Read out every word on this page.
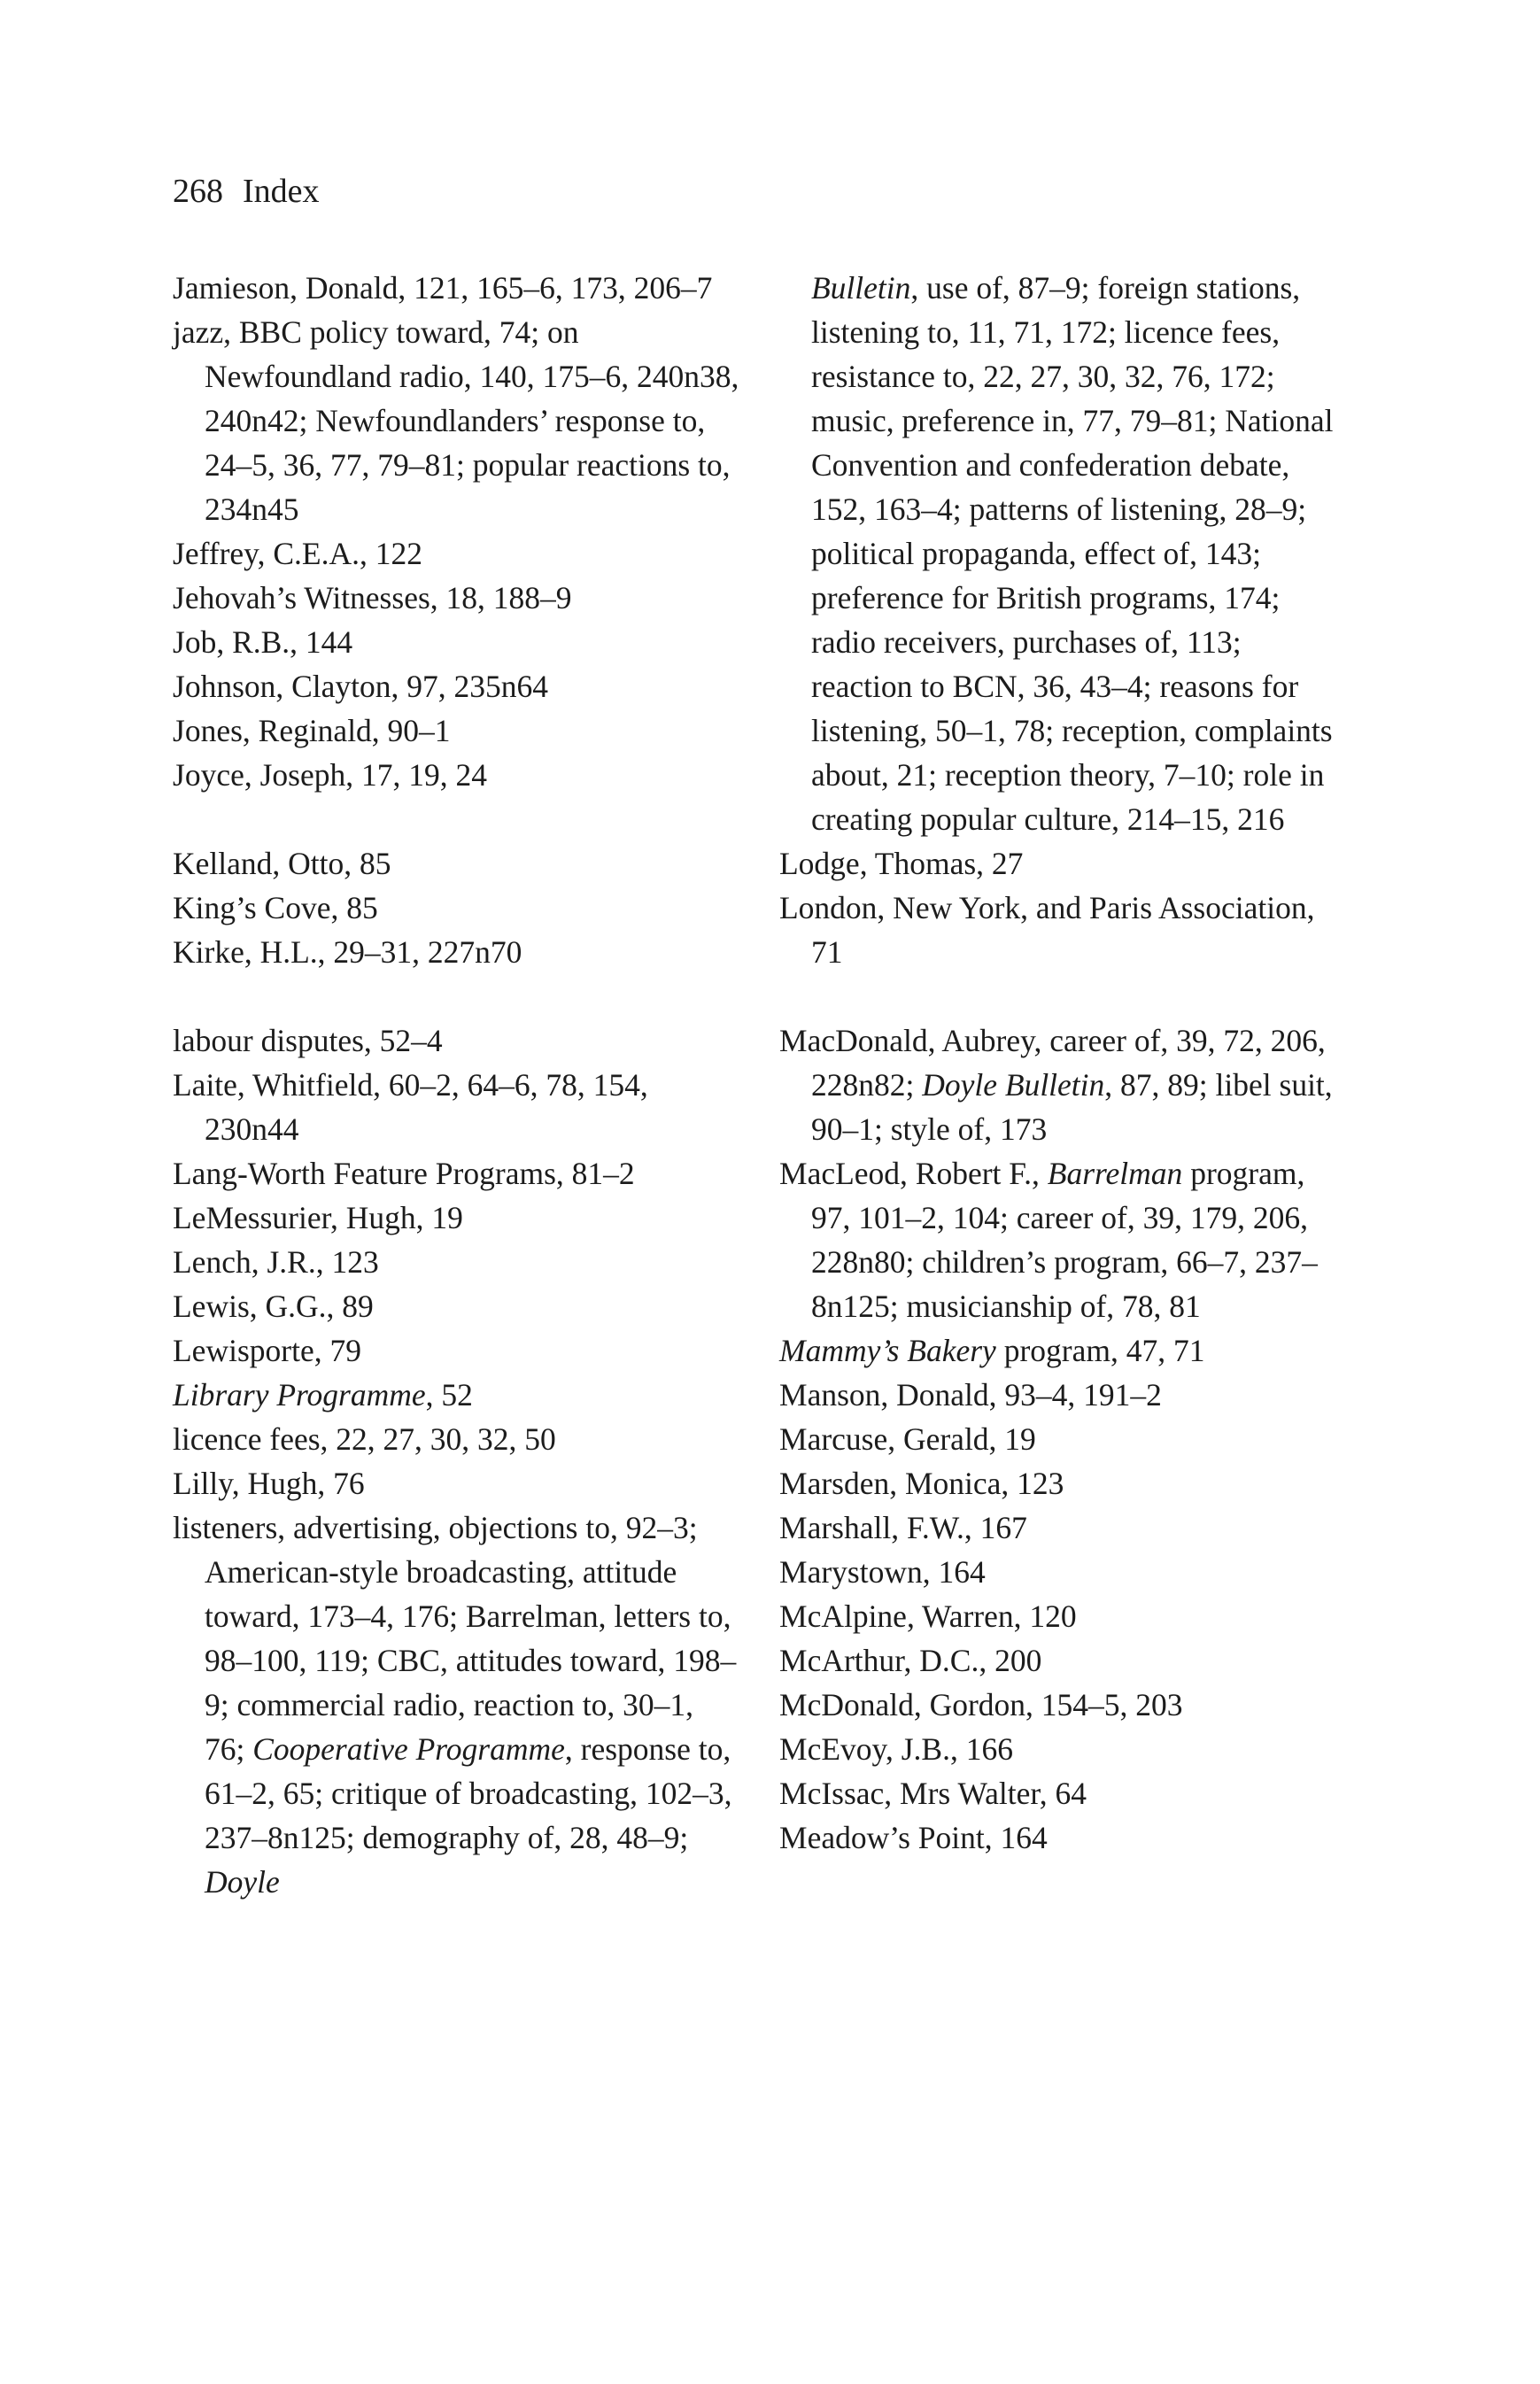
268 Index
Jamieson, Donald, 121, 165–6, 173, 206–7
jazz, BBC policy toward, 74; on Newfoundland radio, 140, 175–6, 240n38, 240n42; Newfoundlanders’ response to, 24–5, 36, 77, 79–81; popular reactions to, 234n45
Jeffrey, C.E.A., 122
Jehovah’s Witnesses, 18, 188–9
Job, R.B., 144
Johnson, Clayton, 97, 235n64
Jones, Reginald, 90–1
Joyce, Joseph, 17, 19, 24
Kelland, Otto, 85
King’s Cove, 85
Kirke, H.L., 29–31, 227n70
labour disputes, 52–4
Laite, Whitfield, 60–2, 64–6, 78, 154, 230n44
Lang-Worth Feature Programs, 81–2
LeMessurier, Hugh, 19
Lench, J.R., 123
Lewis, G.G., 89
Lewisporte, 79
Library Programme, 52
licence fees, 22, 27, 30, 32, 50
Lilly, Hugh, 76
listeners, advertising, objections to, 92–3; American-style broadcasting, attitude toward, 173–4, 176; Barrelman, letters to, 98–100, 119; CBC, attitudes toward, 198–9; commercial radio, reaction to, 30–1, 76; Cooperative Programme, response to, 61–2, 65; critique of broadcasting, 102–3, 237–8n125; demography of, 28, 48–9; Doyle
Bulletin, use of, 87–9; foreign stations, listening to, 11, 71, 172; licence fees, resistance to, 22, 27, 30, 32, 76, 172; music, preference in, 77, 79–81; National Convention and confederation debate, 152, 163–4; patterns of listening, 28–9; political propaganda, effect of, 143; preference for British programs, 174; radio receivers, purchases of, 113; reaction to BCN, 36, 43–4; reasons for listening, 50–1, 78; reception, complaints about, 21; reception theory, 7–10; role in creating popular culture, 214–15, 216
Lodge, Thomas, 27
London, New York, and Paris Association, 71
MacDonald, Aubrey, career of, 39, 72, 206, 228n82; Doyle Bulletin, 87, 89; libel suit, 90–1; style of, 173
MacLeod, Robert F., Barrelman program, 97, 101–2, 104; career of, 39, 179, 206, 228n80; children’s program, 66–7, 237–8n125; musicianship of, 78, 81
Mammy’s Bakery program, 47, 71
Manson, Donald, 93–4, 191–2
Marcuse, Gerald, 19
Marsden, Monica, 123
Marshall, F.W., 167
Marystown, 164
McAlpine, Warren, 120
McArthur, D.C., 200
McDonald, Gordon, 154–5, 203
McEvoy, J.B., 166
McIssac, Mrs Walter, 64
Meadow’s Point, 164
